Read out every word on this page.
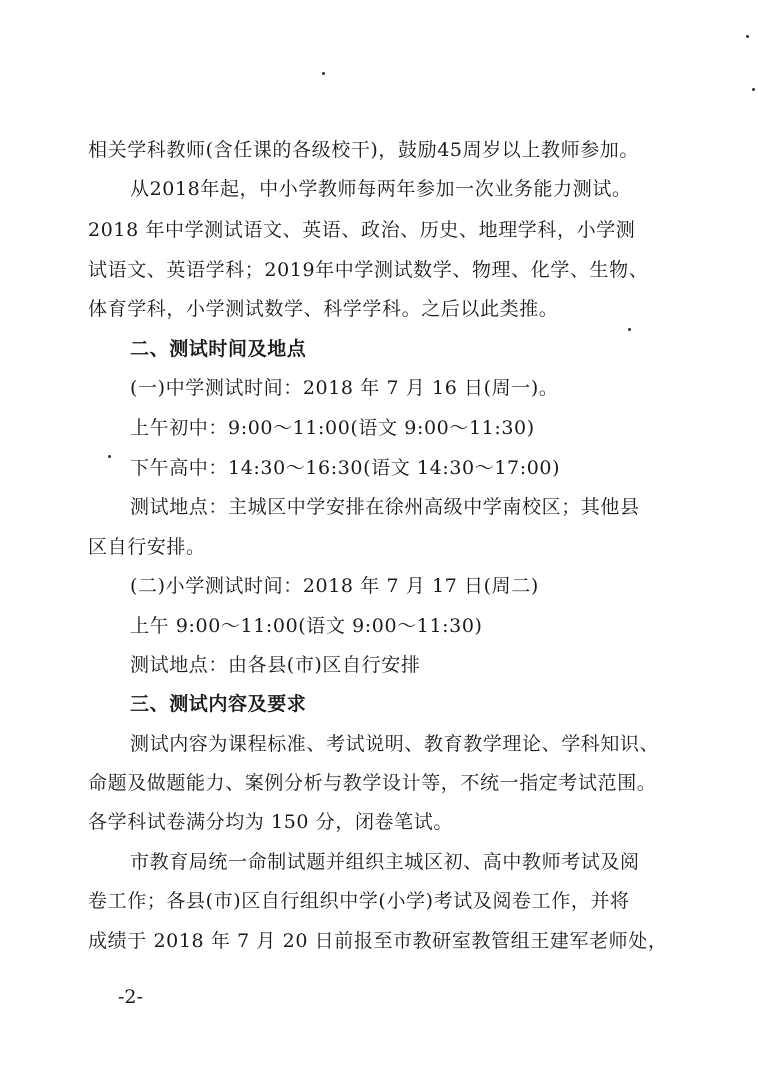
相关学科教师(含任课的各级校干)，鼓励45周岁以上教师参加。
从2018年起，中小学教师每两年参加一次业务能力测试。
2018 年中学测试语文、英语、政治、历史、地理学科，小学测
试语文、英语学科；2019年中学测试数学、物理、化学、生物、
体育学科，小学测试数学、科学学科。之后以此类推。
二、测试时间及地点
(一)中学测试时间：2018 年 7 月 16 日(周一)。
上午初中：9:00～11:00(语文 9:00～11:30)
下午高中：14:30～16:30(语文 14:30～17:00)
测试地点：主城区中学安排在徐州高级中学南校区；其他县
区自行安排。
(二)小学测试时间：2018 年 7 月 17 日(周二)
上午 9:00～11:00(语文 9:00～11:30)
测试地点：由各县(市)区自行安排
三、测试内容及要求
测试内容为课程标准、考试说明、教育教学理论、学科知识、
命题及做题能力、案例分析与教学设计等，不统一指定考试范围。
各学科试卷满分均为 150 分，闭卷笔试。
市教育局统一命制试题并组织主城区初、高中教师考试及阅
卷工作；各县(市)区自行组织中学(小学)考试及阅卷工作，并将
成绩于 2018 年 7 月 20 日前报至市教研室教管组王建军老师处，
-2-
